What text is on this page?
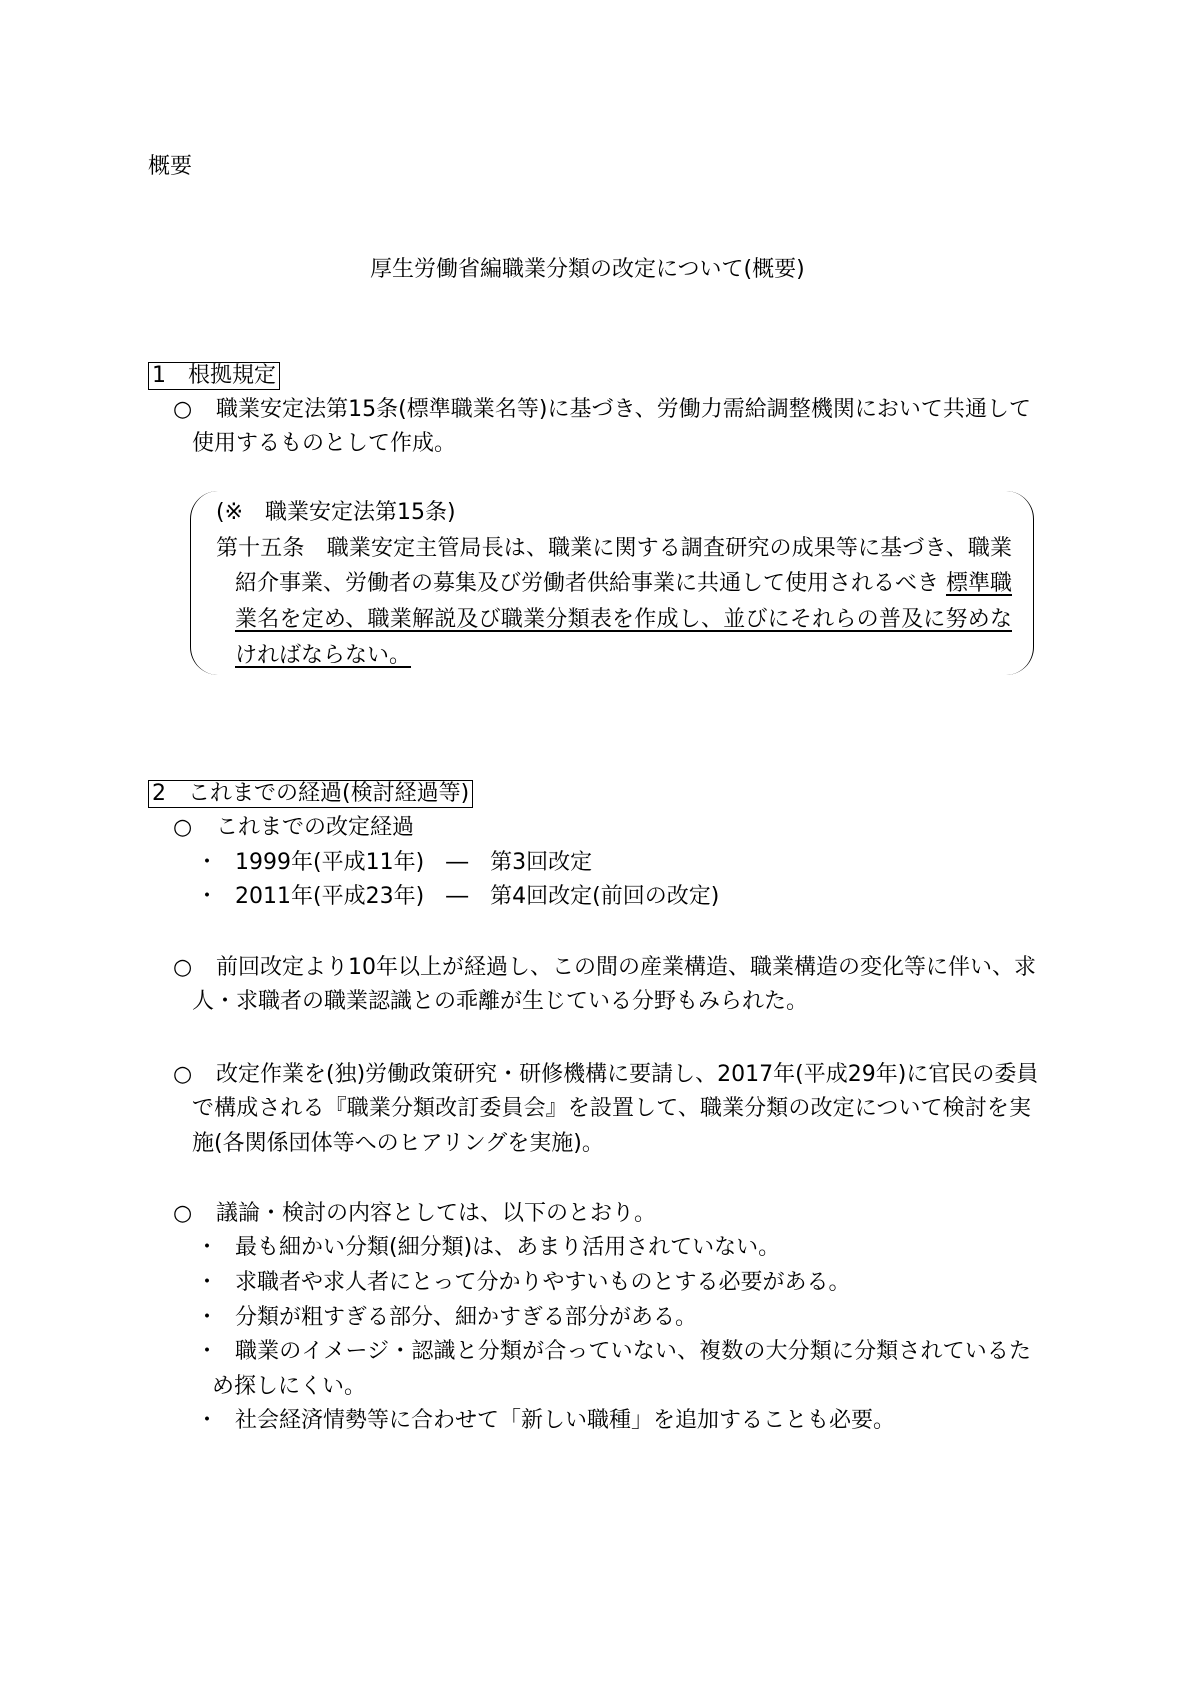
概要
厚生労働省編職業分類の改定について(概要)
1　根拠規定
○ 職業安定法第15条(標準職業名等)に基づき、労働力需給調整機関において共通して
使用するものとして作成。
(※　職業安定法第15条)
第十五条　職業安定主管局長は、職業に関する調査研究の成果等に基づき、職業
紹介事業、労働者の募集及び労働者供給事業に共通して使用されるべき 標準職
業名を定め、職業解説及び職業分類表を作成し、並びにそれらの普及に努めな
ければならない。
2　これまでの経過(検討経過等)
○ これまでの改定経過
・ 1999年(平成11年)　―　第3回改定
・ 2011年(平成23年)　―　第4回改定(前回の改定)
○ 前回改定より10年以上が経過し、この間の産業構造、職業構造の変化等に伴い、求
人・求職者の職業認識との乖離が生じている分野もみられた。
○ 改定作業を(独)労働政策研究・研修機構に要請し、2017年(平成29年)に官民の委員
で構成される『職業分類改訂委員会』を設置して、職業分類の改定について検討を実
施(各関係団体等へのヒアリングを実施)。
○ 議論・検討の内容としては、以下のとおり。
・ 最も細かい分類(細分類)は、あまり活用されていない。
・ 求職者や求人者にとって分かりやすいものとする必要がある。
・ 分類が粗すぎる部分、細かすぎる部分がある。
・ 職業のイメージ・認識と分類が合っていない、複数の大分類に分類されているた
め探しにくい。
・ 社会経済情勢等に合わせて「新しい職種」を追加することも必要。
